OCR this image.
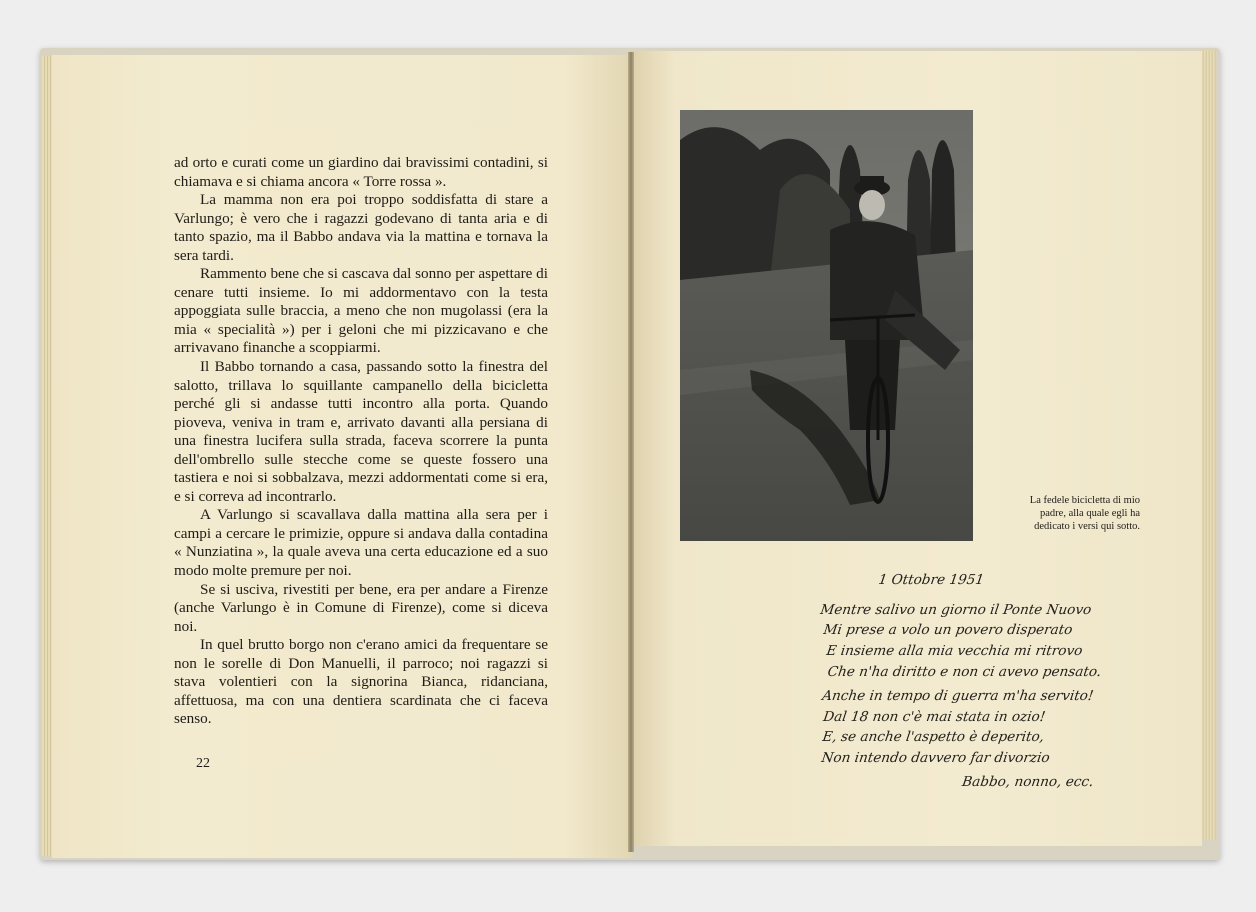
ad orto e curati come un giardino dai bravissimi contadini, si chiamava e si chiama ancora « Torre rossa ».

La mamma non era poi troppo soddisfatta di stare a Varlungo; è vero che i ragazzi godevano di tanta aria e di tanto spazio, ma il Babbo andava via la mattina e tornava la sera tardi.

Rammento bene che si cascava dal sonno per aspettare di cenare tutti insieme. Io mi addormentavo con la testa appoggiata sulle braccia, a meno che non mugolassi (era la mia « specialità ») per i geloni che mi pizzicavano e che arrivavano finanche a scoppiarmi.

Il Babbo tornando a casa, passando sotto la finestra del salotto, trillava lo squillante campanello della bicicletta perché gli si andasse tutti incontro alla porta. Quando pioveva, veniva in tram e, arrivato davanti alla persiana di una finestra lucifera sulla strada, faceva scorrere la punta dell'ombrello sulle stecche come se queste fossero una tastiera e noi si sobbalzava, mezzi addormentati come si era, e si correva ad incontrarlo.

A Varlungo si scavallava dalla mattina alla sera per i campi a cercare le primizie, oppure si andava dalla contadina « Nunziatina », la quale aveva una certa educazione ed a suo modo molte premure per noi.

Se si usciva, rivestiti per bene, era per andare a Firenze (anche Varlungo è in Comune di Firenze), come si diceva noi.

In quel brutto borgo non c'erano amici da frequentare se non le sorelle di Don Manuelli, il parroco; noi ragazzi si stava volentieri con la signorina Bianca, ridanciana, affettuosa, ma con una dentiera scardinata che ci faceva senso.

22
La fedele bicicletta di mio
padre, alla quale egli ha
dedicato i versi qui sotto.
1 Ottobre 1951
Mentre salivo un giorno il Ponte Nuovo
Mi prese a volo un povero disperato
E insieme alla mia vecchia mi ritrovo
Che n'ha diritto e non ci avevo pensato.
Anche in tempo di guerra m'ha servito!
Dal 18 non c'è mai stata in ozio!
E, se anche l'aspetto è deperito,
Non intendo davvero far divorzio
Babbo, nonno, ecc.
